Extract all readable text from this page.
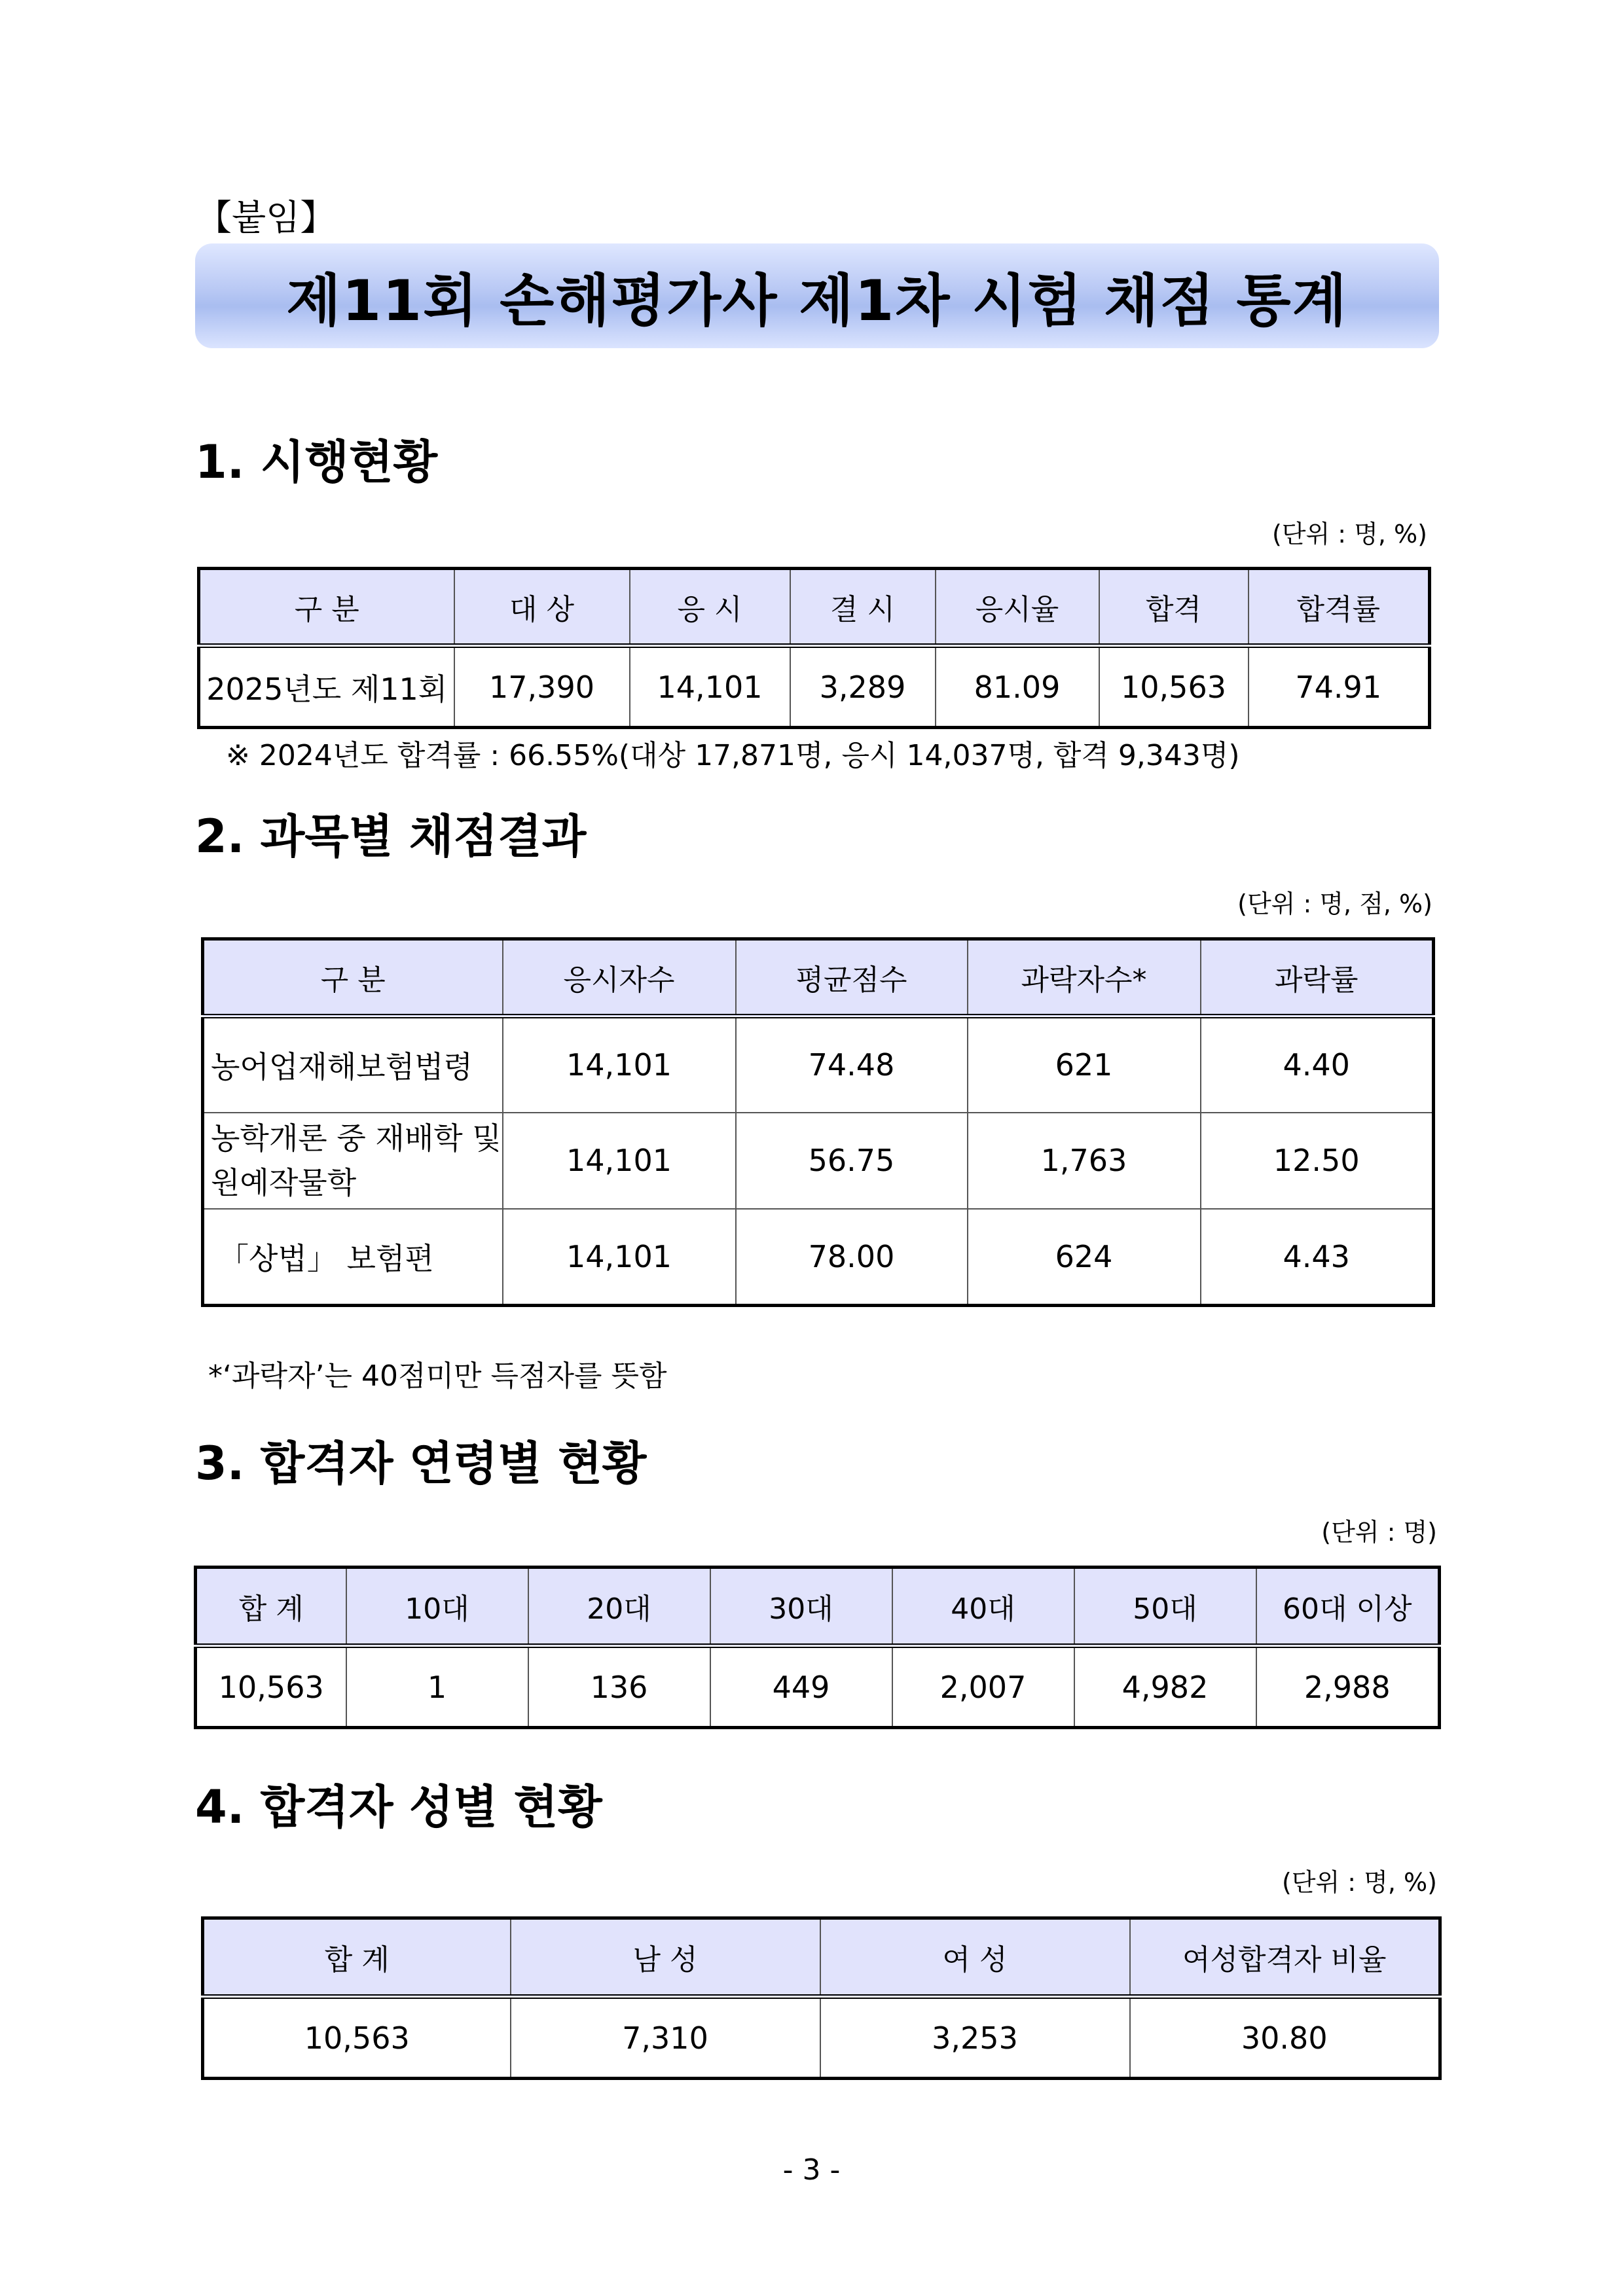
【붙임】
제11회 손해평가사 제1차 시험 채점 통계
1. 시행현황
(단위 : 명, %)
구 분	대 상	응 시	결 시	응시율	합격	합격률
2025년도 제11회	17,390	14,101	3,289	81.09	10,563	74.91
※ 2024년도 합격률 : 66.55%(대상 17,871명, 응시 14,037명, 합격 9,343명)
2. 과목별 채점결과
(단위 : 명, 점, %)
구 분	응시자수	평균점수	과락자수*	과락률
농어업재해보험법령	14,101	74.48	621	4.40
농학개론 중 재배학 및 원예작물학	14,101	56.75	1,763	12.50
「상법」 보험편	14,101	78.00	624	4.43
*‘과락자’는 40점미만 득점자를 뜻함
3. 합격자 연령별 현황
(단위 : 명)
합 계	10대	20대	30대	40대	50대	60대 이상
10,563	1	136	449	2,007	4,982	2,988
4. 합격자 성별 현황
(단위 : 명, %)
합 계	남 성	여 성	여성합격자 비율
10,563	7,310	3,253	30.80
- 3 -
